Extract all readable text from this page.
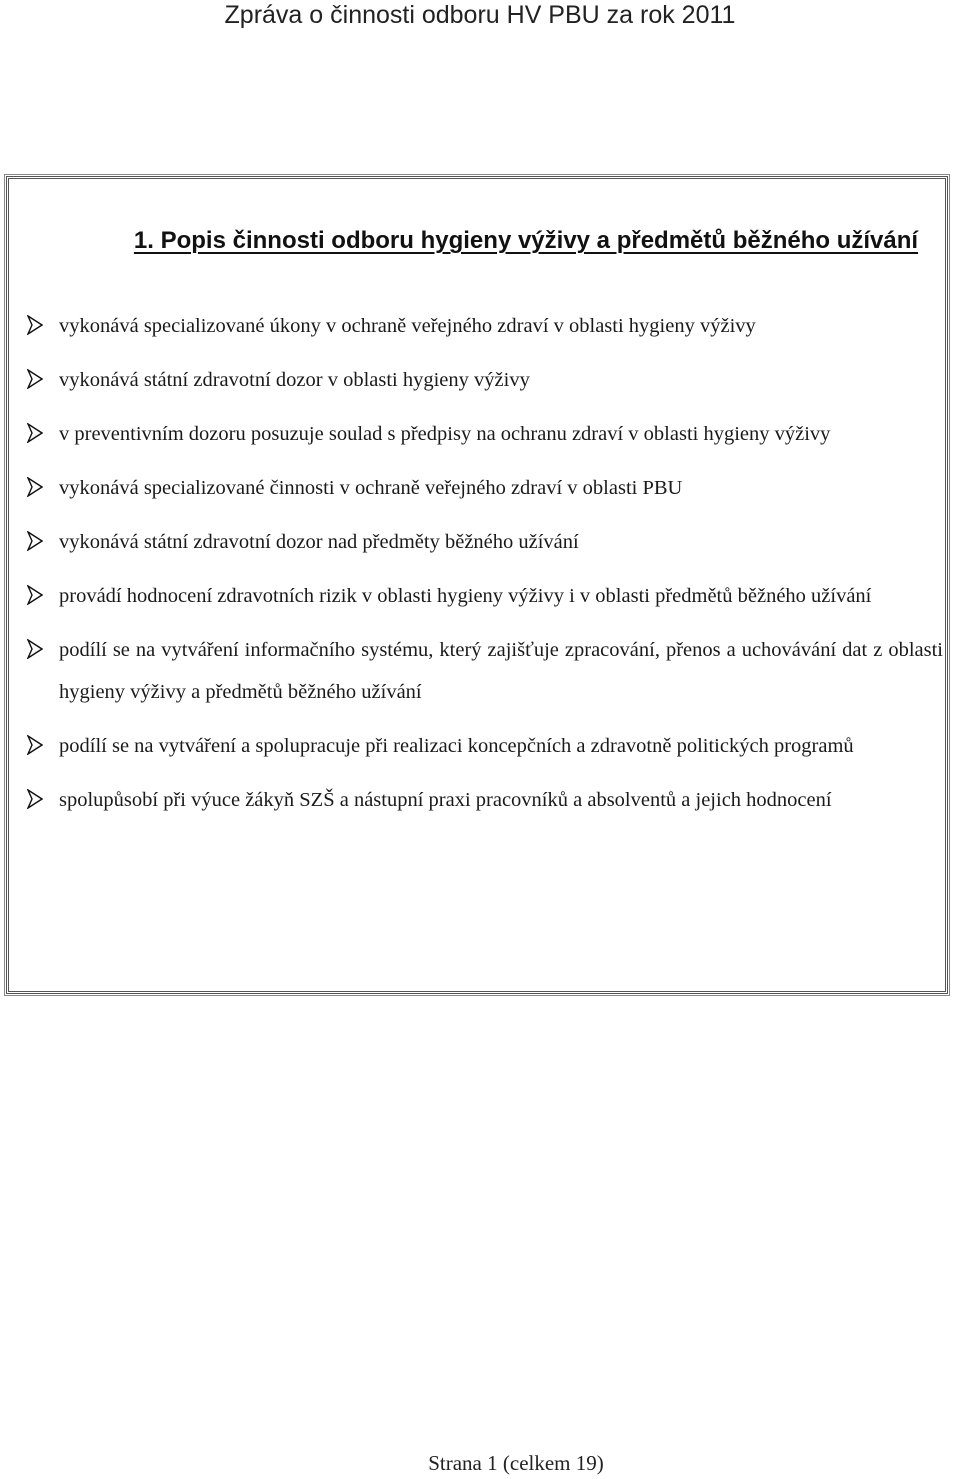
Zpráva o činnosti odboru HV PBU za rok 2011
1. Popis činnosti odboru hygieny výživy a předmětů běžného užívání
vykonává specializované úkony v ochraně veřejného zdraví v oblasti hygieny výživy
vykonává státní zdravotní dozor v oblasti hygieny výživy
v preventivním dozoru posuzuje soulad s předpisy na ochranu zdraví v oblasti hygieny výživy
vykonává specializované činnosti v ochraně veřejného zdraví v oblasti PBU
vykonává státní zdravotní dozor nad předměty běžného užívání
provádí hodnocení zdravotních rizik v oblasti hygieny výživy i v oblasti předmětů běžného užívání
podílí se na vytváření informačního systému, který zajišťuje zpracování, přenos a uchovávání dat z oblasti hygieny výživy a předmětů běžného užívání
podílí se na vytváření a spolupracuje při realizaci koncepčních a zdravotně politických programů
spolupůsobí při výuce žákyň SZŠ a nástupní praxi pracovníků a absolventů a jejich hodnocení
Strana 1 (celkem 19)
